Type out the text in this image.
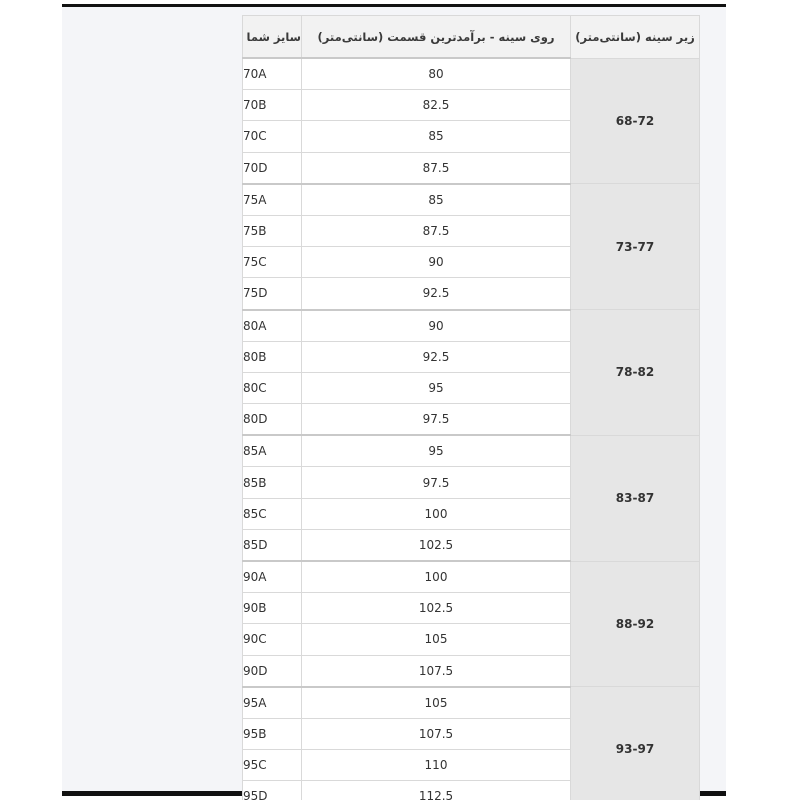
زیر سینه (سانتی‌متر)	روی سینه - برآمدترین قسمت (سانتی‌متر)	سایز شما
68-72	80	70A
	82.5	70B
	85	70C
	87.5	70D
73-77	85	75A
	87.5	75B
	90	75C
	92.5	75D
78-82	90	80A
	92.5	80B
	95	80C
	97.5	80D
83-87	95	85A
	97.5	85B
	100	85C
	102.5	85D
88-92	100	90A
	102.5	90B
	105	90C
	107.5	90D
93-97	105	95A
	107.5	95B
	110	95C
	112.5	95D
